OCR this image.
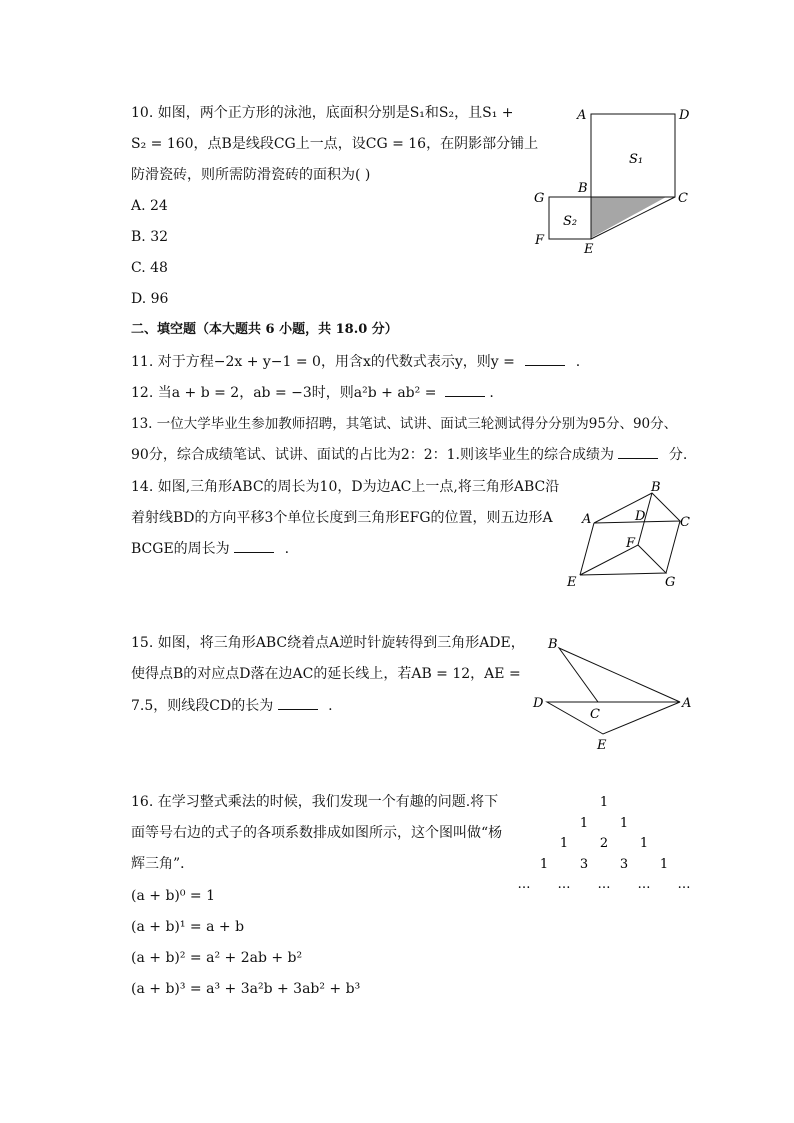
10. 如图，两个正方形的泳池，底面积分别是S₁和S₂，且S₁ +
S₂ = 160，点B是线段CG上一点，设CG = 16，在阴影部分铺上
防滑瓷砖，则所需防滑瓷砖的面积为( )
A. 24
B. 32
C. 48
D. 96
A	D
S₁
G
B
C
S₂
F
E
二、填空题（本大题共 6 小题，共 18.0 分）
11. 对于方程−2x + y−1 = 0，用含x的代数式表示y，则y =	.
12. 当a + b = 2，ab = −3时，则a²b + ab² =	.
13. 一位大学毕业生参加教师招聘，其笔试、试讲、面试三轮测试得分分别为95分、90分、
90分，综合成绩笔试、试讲、面试的占比为2：2：1.则该毕业生的综合成绩为	分.
14. 如图,三角形ABC的周长为10，D为边AC上一点,将三角形ABC沿
着射线BD的方向平移3个单位长度到三角形EFG的位置，则五边形A
BCGE的周长为	.
A
B
C
D
E
F
G
15. 如图，将三角形ABC绕着点A逆时针旋转得到三角形ADE，
使得点B的对应点D落在边AC的延长线上，若AB = 12，AE =
7.5，则线段CD的长为	.
B
C
D	A
E
16. 在学习整式乘法的时候，我们发现一个有趣的问题.将下
面等号右边的式子的各项系数排成如图所示，这个图叫做“杨
辉三角”．
(a + b)⁰ = 1
(a + b)¹ = a + b
(a + b)² = a² + 2ab + b²
(a + b)³ = a³ + 3a²b + 3ab² + b³
1
1 1
1 2 1
1 3 3 1
… … … … …
